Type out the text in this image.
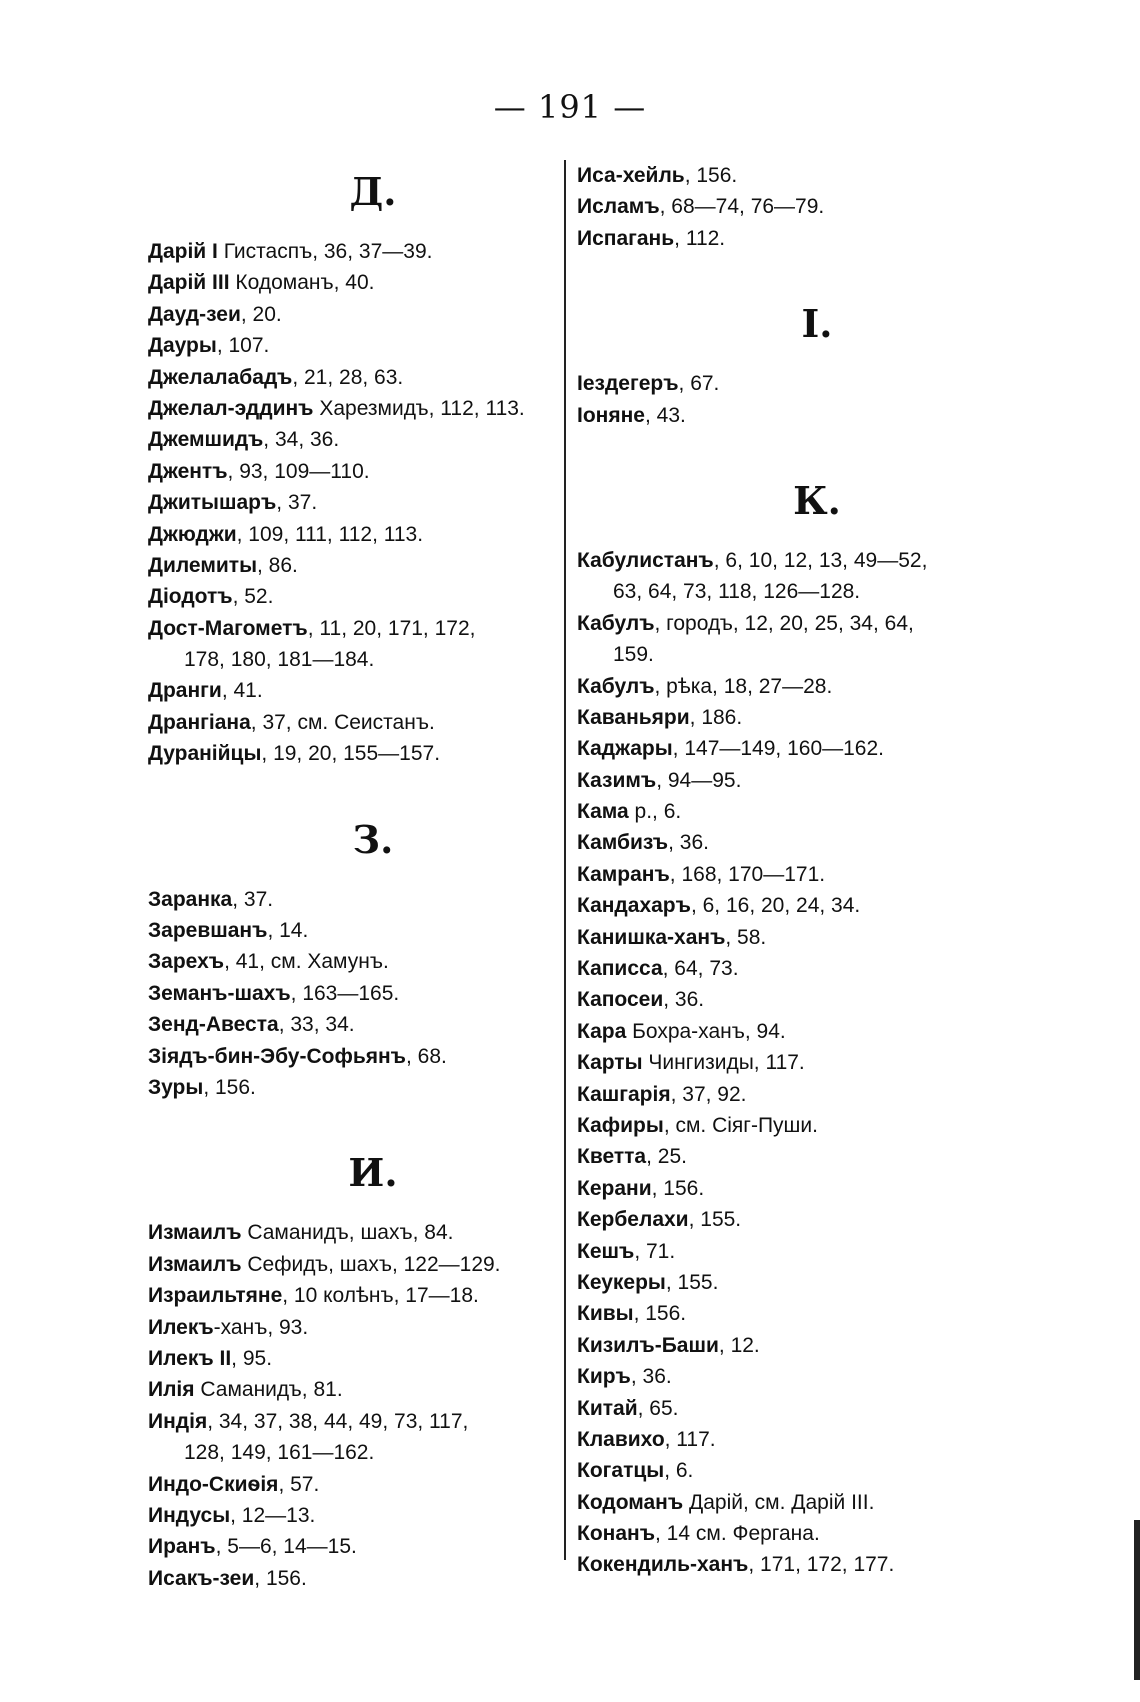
— 191 —
Д.
Дарій I Гистаспъ, 36, 37—39.
Дарій III Кодоманъ, 40.
Дауд-зеи, 20.
Дауры, 107.
Джелалабадъ, 21, 28, 63.
Джелал-эддинъ Харезмидъ, 112, 113.
Джемшидъ, 34, 36.
Джентъ, 93, 109—110.
Джитышаръ, 37.
Джюджи, 109, 111, 112, 113.
Дилемиты, 86.
Діодотъ, 52.
Дост-Магометъ, 11, 20, 171, 172,
178, 180, 181—184.
Дранги, 41.
Дрангіана, 37, см. Сеистанъ.
Дуранійцы, 19, 20, 155—157.
З.
Заранка, 37.
Заревшанъ, 14.
Зарехъ, 41, см. Хамунъ.
Земанъ-шахъ, 163—165.
Зенд-Авеста, 33, 34.
Зіядъ-бин-Эбу-Софьянъ, 68.
Зуры, 156.
И.
Измаилъ Саманидъ, шахъ, 84.
Измаилъ Сефидъ, шахъ, 122—129.
Израильтяне, 10 колѣнъ, 17—18.
Илекъ-ханъ, 93.
Илекъ II, 95.
Илія Саманидъ, 81.
Индія, 34, 37, 38, 44, 49, 73, 117,
128, 149, 161—162.
Индо-Скиѳія, 57.
Индусы, 12—13.
Иранъ, 5—6, 14—15.
Исакъ-зеи, 156.
Иса-хейль, 156.
Исламъ, 68—74, 76—79.
Испагань, 112.
I.
Іездегеръ, 67.
Іоняне, 43.
К.
Кабулистанъ, 6, 10, 12, 13, 49—52,
63, 64, 73, 118, 126—128.
Кабулъ, городъ, 12, 20, 25, 34, 64,
159.
Кабулъ, рѣка, 18, 27—28.
Каваньяри, 186.
Каджары, 147—149, 160—162.
Казимъ, 94—95.
Кама р., 6.
Камбизъ, 36.
Камранъ, 168, 170—171.
Кандахаръ, 6, 16, 20, 24, 34.
Канишка-ханъ, 58.
Каписса, 64, 73.
Капосеи, 36.
Кара Бохра-ханъ, 94.
Карты Чингизиды, 117.
Кашгарія, 37, 92.
Кафиры, см. Сіяг-Пуши.
Кветта, 25.
Керани, 156.
Кербелахи, 155.
Кешъ, 71.
Кеукеры, 155.
Кивы, 156.
Кизилъ-Баши, 12.
Киръ, 36.
Китай, 65.
Клавихо, 117.
Когатцы, 6.
Кодоманъ Дарій, см. Дарій III.
Конанъ, 14 см. Фергана.
Кокендиль-ханъ, 171, 172, 177.
